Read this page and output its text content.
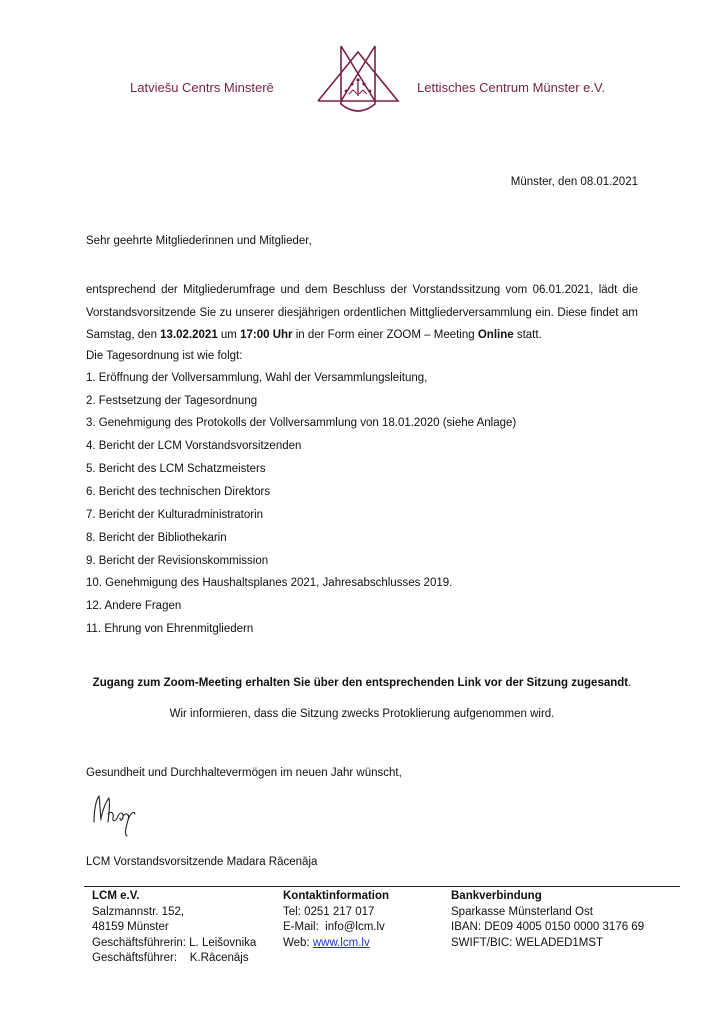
Latviešu Centrs Minsterē	Lettisches Centrum Münster e.V.
Münster, den 08.01.2021
Sehr geehrte Mitgliederinnen und Mitglieder,
entsprechend der Mitgliederumfrage und dem Beschluss der Vorstandssitzung vom 06.01.2021, lädt die Vorstandsvorsitzende Sie zu unserer diesjährigen ordentlichen Mittgliederversammlung ein. Diese findet am Samstag, den 13.02.2021 um 17:00 Uhr in der Form einer ZOOM – Meeting Online statt.
Die Tagesordnung ist wie folgt:
1. Eröffnung der Vollversammlung, Wahl der Versammlungsleitung,
2. Festsetzung der Tagesordnung
3. Genehmigung des Protokolls der Vollversammlung von 18.01.2020 (siehe Anlage)
4. Bericht der LCM Vorstandsvorsitzenden
5. Bericht des LCM Schatzmeisters
6. Bericht des technischen Direktors
7. Bericht der Kulturadministratorin
8. Bericht der Bibliothekarin
9. Bericht der Revisionskommission
10. Genehmigung des Haushaltsplanes 2021, Jahresabschlusses 2019.
12. Andere Fragen
11. Ehrung von Ehrenmitgliedern
Zugang zum Zoom-Meeting erhalten Sie über den entsprechenden Link vor der Sitzung zugesandt.
Wir informieren, dass die Sitzung zwecks Protoklierung aufgenommen wird.
Gesundheit und Durchhaltevermögen im neuen Jahr wünscht,
LCM Vorstandsvorsitzende Madara Rācenāja
LCM e.V.
Salzmannstr. 152,
48159 Münster
Geschäftsführerin: L. Leišovnika
Geschäftsführer:    K.Rācenājs
Kontaktinformation
Tel: 0251 217 017
E-Mail:  info@lcm.lv
Web: www.lcm.lv
Bankverbindung
Sparkasse Münsterland Ost
IBAN: DE09 4005 0150 0000 3176 69
SWIFT/BIC: WELADED1MST
